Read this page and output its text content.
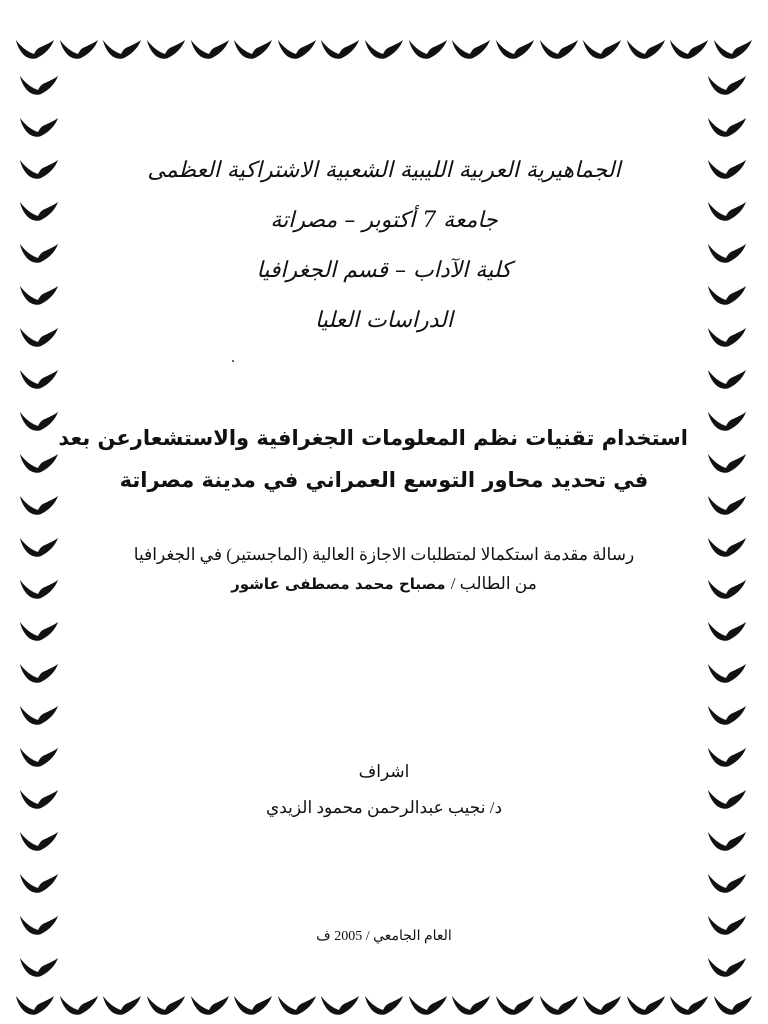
الجماهيرية العربية الليبية الشعبية الاشتراكية العظمى
جامعة 7 أكتوبر – مصراتة
كلية الآداب – قسم الجغرافيا
الدراسات العليا
استخدام تقنيات نظم المعلومات الجغرافية والاستشعارعن بعد
في تحديد محاور التوسع العمراني في مدينة مصراتة
رسالة مقدمة استكمالا لمتطلبات الاجازة العالية (الماجستير) في الجغرافيا
من الطالب / مصباح محمد مصطفى عاشور
اشراف
د/ نجيب عبدالرحمن محمود الزيدي
العام الجامعي / 2005 ف
